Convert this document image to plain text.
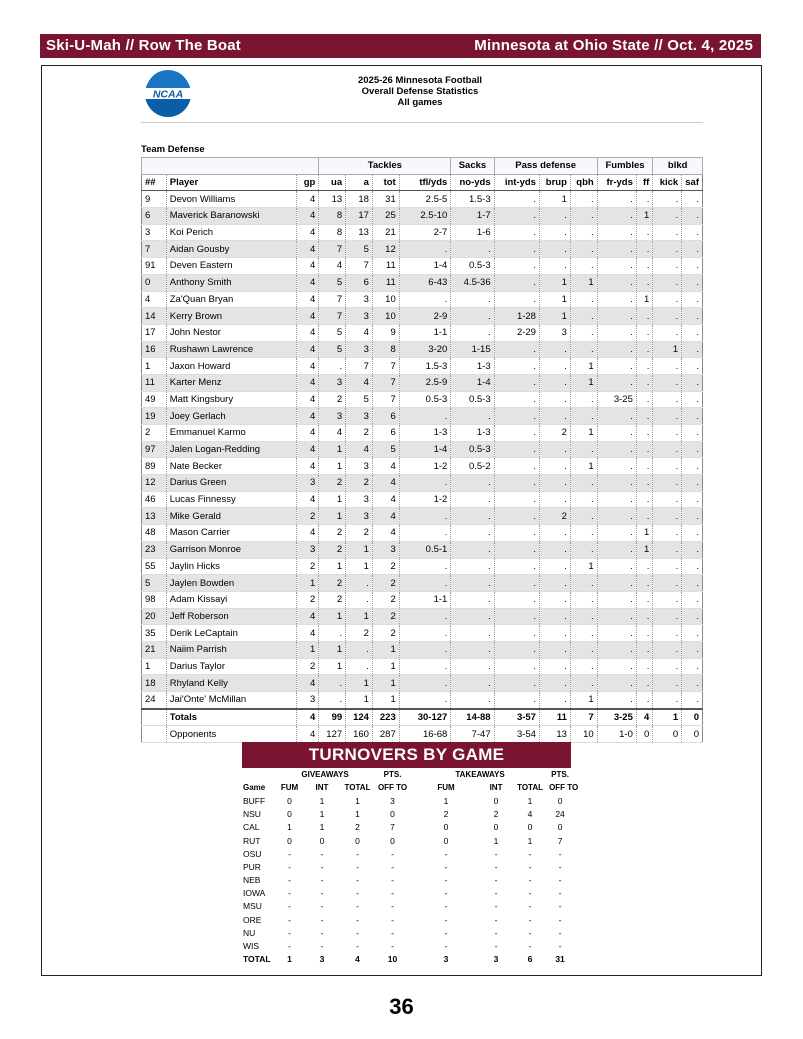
Ski-U-Mah // Row The Boat	Minnesota at Ohio State // Oct. 4, 2025
NCAA
2025-26 Minnesota Football
Overall Defense Statistics
All games
Team Defense
			Tackles				Sacks	Pass defense			Fumbles		blkd	
##	Player	gp	ua	a	tot	tfl/yds	no-yds	int-yds	brup	qbh	fr-yds	ff	kick	saf
9	Devon Williams	4	13	18	31	2.5-5	1.5-3	.	1	.	.	.	.	.
6	Maverick Baranowski	4	8	17	25	2.5-10	1-7	.	.	.	.	1	.	.
3	Koi Perich	4	8	13	21	2-7	1-6	.	.	.	.	.	.	.
7	Aidan Gousby	4	7	5	12	.	.	.	.	.	.	.	.	.
91	Deven Eastern	4	4	7	11	1-4	0.5-3	.	.	.	.	.	.	.
0	Anthony Smith	4	5	6	11	6-43	4.5-36	.	1	1	.	.	.	.
4	Za'Quan Bryan	4	7	3	10	.	.	.	1	.	.	1	.	.
14	Kerry Brown	4	7	3	10	2-9	.	1-28	1	.	.	.	.	.
17	John Nestor	4	5	4	9	1-1	.	2-29	3	.	.	.	.	.
16	Rushawn Lawrence	4	5	3	8	3-20	1-15	.	.	.	.	.	1	.
1	Jaxon Howard	4	.	7	7	1.5-3	1-3	.	.	1	.	.	.	.
11	Karter Menz	4	3	4	7	2.5-9	1-4	.	.	1	.	.	.	.
49	Matt Kingsbury	4	2	5	7	0.5-3	0.5-3	.	.	.	3-25	.	.	.
19	Joey Gerlach	4	3	3	6	.	.	.	.	.	.	.	.	.
2	Emmanuel Karmo	4	4	2	6	1-3	1-3	.	2	1	.	.	.	.
97	Jalen Logan-Redding	4	1	4	5	1-4	0.5-3	.	.	.	.	.	.	.
89	Nate Becker	4	1	3	4	1-2	0.5-2	.	.	1	.	.	.	.
12	Darius Green	3	2	2	4	.	.	.	.	.	.	.	.	.
46	Lucas Finnessy	4	1	3	4	1-2	.	.	.	.	.	.	.	.
13	Mike Gerald	2	1	3	4	.	.	.	2	.	.	.	.	.
48	Mason Carrier	4	2	2	4	.	.	.	.	.	.	1	.	.
23	Garrison Monroe	3	2	1	3	0.5-1	.	.	.	.	.	1	.	.
55	Jaylin Hicks	2	1	1	2	.	.	.	.	1	.	.	.	.
5	Jaylen Bowden	1	2	.	2	.	.	.	.	.	.	.	.	.
98	Adam Kissayi	2	2	.	2	1-1	.	.	.	.	.	.	.	.
20	Jeff Roberson	4	1	1	2	.	.	.	.	.	.	.	.	.
35	Derik LeCaptain	4	.	2	2	.	.	.	.	.	.	.	.	.
21	Naiim Parrish	1	1	.	1	.	.	.	.	.	.	.	.	.
1	Darius Taylor	2	1	.	1	.	.	.	.	.	.	.	.	.
18	Rhyland Kelly	4	.	1	1	.	.	.	.	.	.	.	.	.
24	Jai'Onte' McMillan	3	.	1	1	.	.	.	.	1	.	.	.	.
	Totals	4	99	124	223	30-127	14-88	3-57	11	7	3-25	4	1	0
	Opponents	4	127	160	287	16-68	7-47	3-54	13	10	1-0	0	0	0
TURNOVERS BY GAME
	GIVEAWAYS			PTS.	TAKEAWAYS			PTS.
Game	FUM	INT	TOTAL	OFF TO	FUM	INT	TOTAL	OFF TO
BUFF	0	1	1	3	1	0	1	0
NSU	0	1	1	0	2	2	4	24
CAL	1	1	2	7	0	0	0	0
RUT	0	0	0	0	0	1	1	7
OSU	-	-	-	-	-	-	-	-
PUR	-	-	-	-	-	-	-	-
NEB	-	-	-	-	-	-	-	-
IOWA	-	-	-	-	-	-	-	-
MSU	-	-	-	-	-	-	-	-
ORE	-	-	-	-	-	-	-	-
NU	-	-	-	-	-	-	-	-
WIS	-	-	-	-	-	-	-	-
TOTAL	1	3	4	10	3	3	6	31
36
